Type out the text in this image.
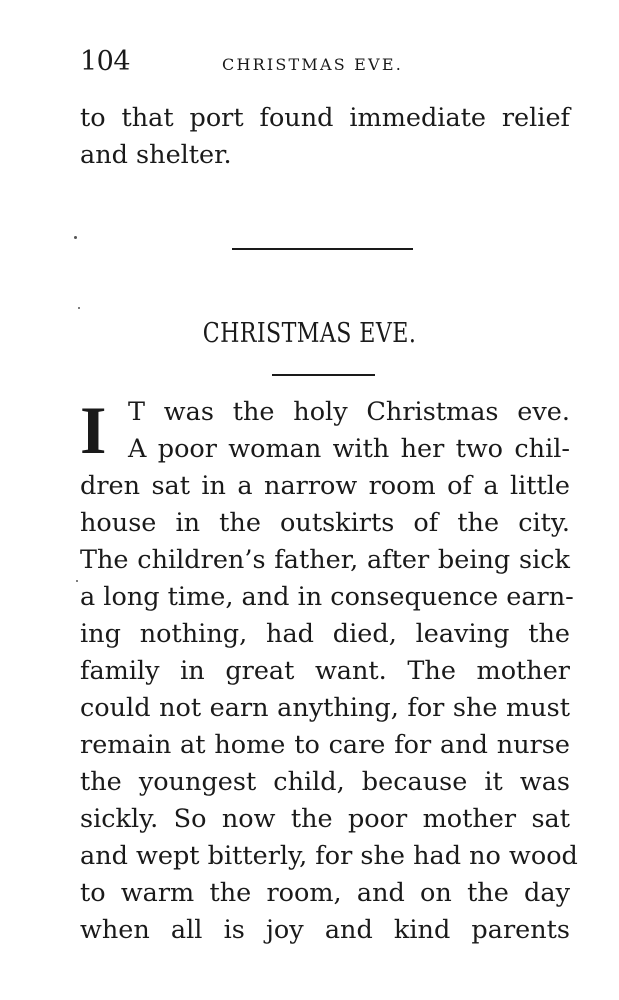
104	CHRISTMAS EVE.
to that port found immediate relief
and shelter.
CHRISTMAS EVE.
I T was the holy Christmas eve.
A poor woman with her two chil-
dren sat in a narrow room of a little
house in the outskirts of the city.
The children’s father, after being sick
a long time, and in consequence earn-
ing nothing, had died, leaving the
family in great want. The mother
could not earn anything, for she must
remain at home to care for and nurse
the youngest child, because it was
sickly. So now the poor mother sat
and wept bitterly, for she had no wood
to warm the room, and on the day
when all is joy and kind parents
